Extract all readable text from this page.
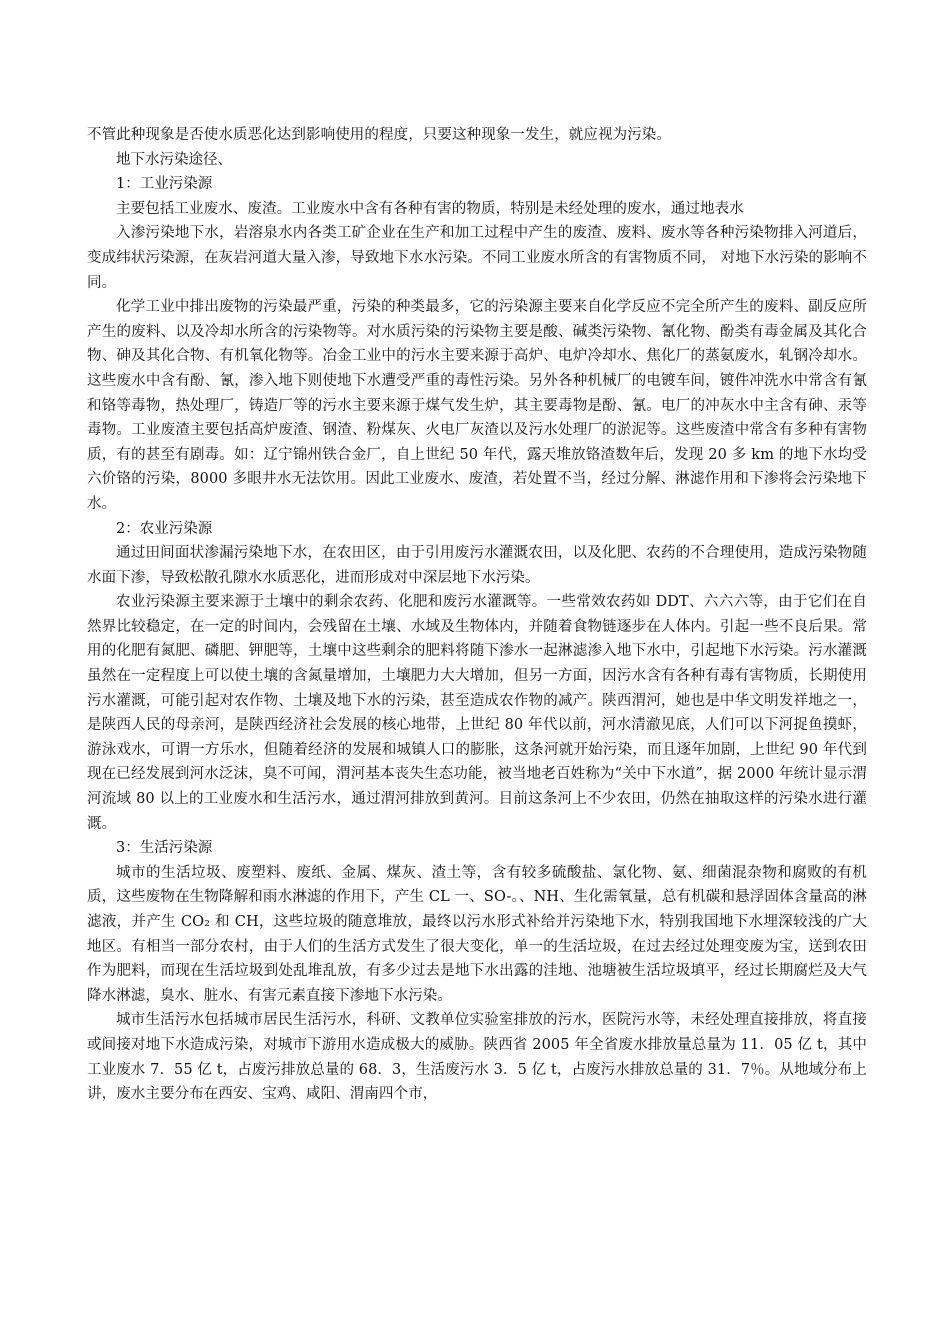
不管此种现象是否使水质恶化达到影响使用的程度，只要这种现象一发生，就应视为污染。

地下水污染途径、

1：工业污染源

主要包括工业废水、废渣。工业废水中含有各种有害的物质，特别是未经处理的废水，通过地表水

入渗污染地下水，岩溶泉水内各类工矿企业在生产和加工过程中产生的废渣、废料、废水等各种污染物排入河道后，变成纬状污染源，在灰岩河道大量入渗，导致地下水水污染。不同工业废水所含的有害物质不同， 对地下水污染的影响不同。

化学工业中排出废物的污染最严重，污染的种类最多，它的污染源主要来自化学反应不完全所产生的废料、副反应所产生的废料、以及冷却水所含的污染物等。对水质污染的污染物主要是酸、碱类污染物、氰化物、酚类有毒金属及其化合物、砷及其化合物、有机氧化物等。冶金工业中的污水主要来源于高炉、电炉冷却水、焦化厂的蒸氨废水，轧钢冷却水。这些废水中含有酚、氰，渗入地下则使地下水遭受严重的毒性污染。另外各种机械厂的电镀车间，镀件冲洗水中常含有氰和铬等毒物，热处理厂，铸造厂等的污水主要来源于煤气发生炉，其主要毒物是酚、氰。电厂的冲灰水中主含有砷、汞等毒物。工业废渣主要包括高炉废渣、钢渣、粉煤灰、火电厂灰渣以及污水处理厂的淤泥等。这些废渣中常含有多种有害物质，有的甚至有剧毒。如：辽宁锦州铁合金厂，自上世纪 50 年代，露天堆放铬渣数年后，发现 20 多 km 的地下水均受六价铬的污染，8000 多眼井水无法饮用。因此工业废水、废渣，若处置不当，经过分解、淋滤作用和下渗将会污染地下水。

2：农业污染源

通过田间面状渗漏污染地下水，在农田区，由于引用废污水灌溉农田，以及化肥、农药的不合理使用，造成污染物随水面下渗，导致松散孔隙水水质恶化，进而形成对中深层地下水污染。

农业污染源主要来源于土壤中的剩余农药、化肥和废污水灌溉等。一些常效农药如 DDT、六六六等，由于它们在自然界比较稳定，在一定的时间内，会残留在土壤、水域及生物体内，并随着食物链逐步在人体内。引起一些不良后果。常用的化肥有氮肥、磷肥、钾肥等，土壤中这些剩余的肥料将随下渗水一起淋滤渗入地下水中，引起地下水污染。污水灌溉虽然在一定程度上可以使土壤的含氮量增加，土壤肥力大大增加，但另一方面，因污水含有各种有毒有害物质，长期使用污水灌溉，可能引起对农作物、土壤及地下水的污染，甚至造成农作物的减产。陕西渭河，她也是中华文明发祥地之一，是陕西人民的母亲河，是陕西经济社会发展的核心地带，上世纪 80 年代以前，河水清澈见底，人们可以下河捉鱼摸虾，游泳戏水，可谓一方乐水，但随着经济的发展和城镇人口的膨胀，这条河就开始污染，而且逐年加剧，上世纪 90 年代到现在已经发展到河水泛沫，臭不可闻，渭河基本丧失生态功能，被当地老百姓称为“关中下水道”，据 2000 年统计显示渭河流域 80 以上的工业废水和生活污水，通过渭河排放到黄河。目前这条河上不少农田，仍然在抽取这样的污染水进行灌溉。

3：生活污染源

城市的生活垃圾、废塑料、废纸、金属、煤灰、渣土等，含有较多硫酸盐、氯化物、氨、细菌混杂物和腐败的有机质，这些废物在生物降解和雨水淋滤的作用下，产生 CL 一、SO-。、NH、生化需氧量，总有机碳和悬浮固体含量高的淋滤液，并产生 CO₂ 和 CH，这些垃圾的随意堆放，最终以污水形式补给并污染地下水，特别我国地下水埋深较浅的广大地区。有相当一部分农村，由于人们的生活方式发生了很大变化，单一的生活垃圾，在过去经过处理变废为宝，送到农田作为肥料，而现在生活垃圾到处乱堆乱放，有多少过去是地下水出露的洼地、池塘被生活垃圾填平，经过长期腐烂及大气降水淋滤，臭水、脏水、有害元素直接下渗地下水污染。

城市生活污水包括城市居民生活污水，科研、文教单位实验室排放的污水，医院污水等，未经处理直接排放，将直接或间接对地下水造成污染，对城市下游用水造成极大的威胁。陕西省 2005 年全省废水排放量总量为 11．05 亿 t，其中工业废水 7．55 亿 t，占废污排放总量的 68．3，生活废污水 3．5 亿 t，占废污水排放总量的 31．7％。从地域分布上讲，废水主要分布在西安、宝鸡、咸阳、渭南四个市，
